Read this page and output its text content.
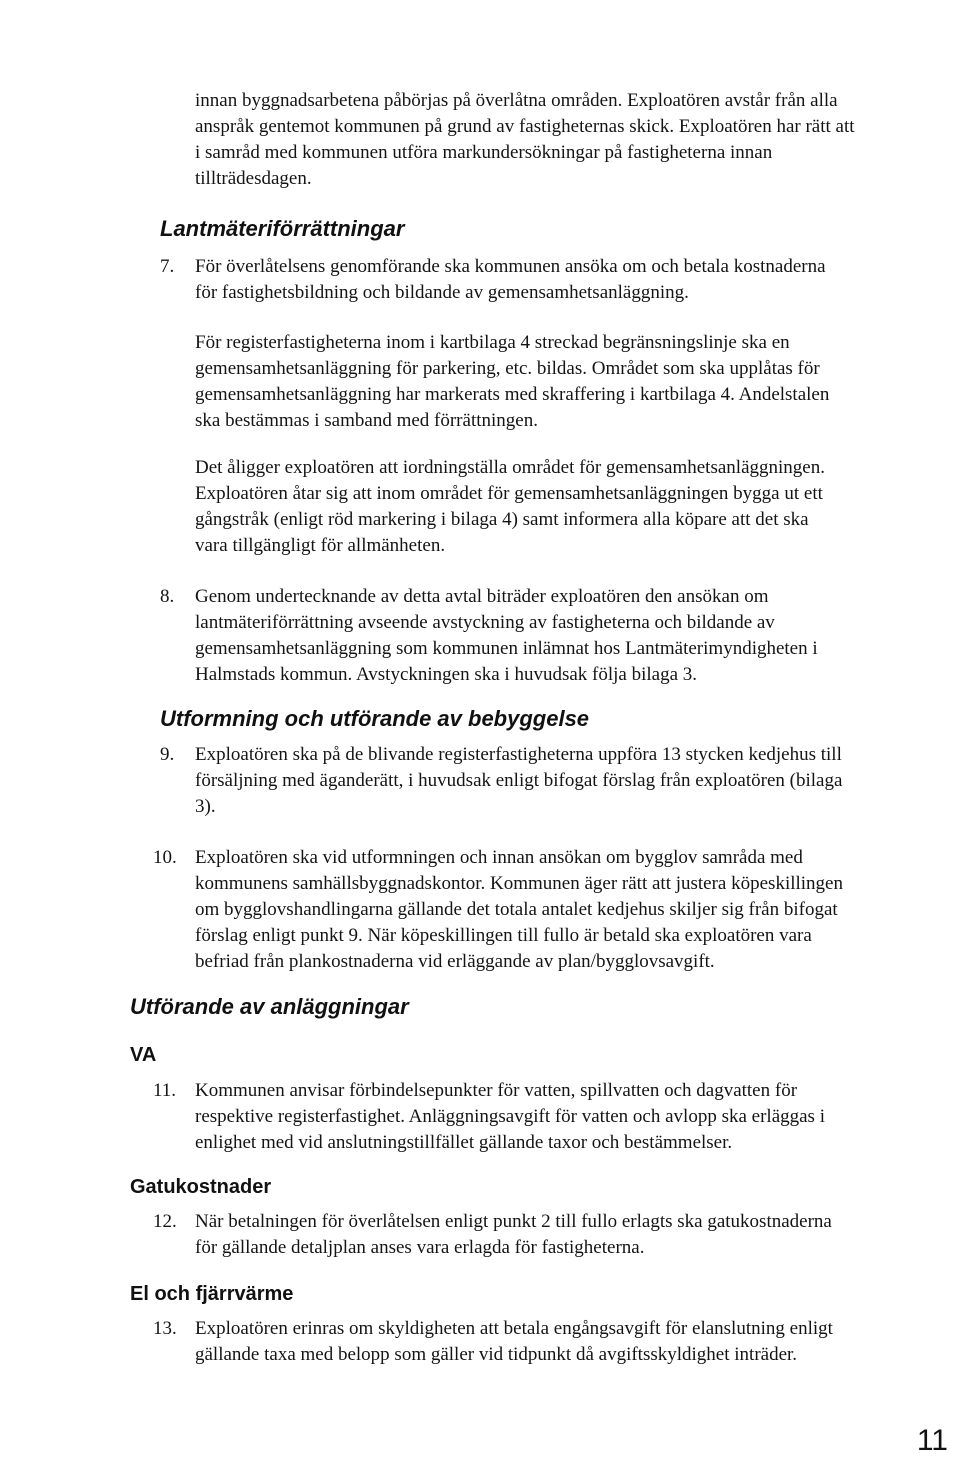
innan byggnadsarbetena påbörjas på överlåtna områden. Exploatören avstår från alla
anspråk gentemot kommunen på grund av fastigheternas skick. Exploatören har rätt att
i samråd med kommunen utföra markundersökningar på fastigheterna innan
tillträdesdagen.

Lantmäteriförrättningar
7. För överlåtelsens genomförande ska kommunen ansöka om och betala kostnaderna
för fastighetsbildning och bildande av gemensamhetsanläggning.

För registerfastigheterna inom i kartbilaga 4 streckad begränsningslinje ska en
gemensamhetsanläggning för parkering, etc. bildas. Området som ska upplåtas för
gemensamhetsanläggning har markerats med skraffering i kartbilaga 4. Andelstalen
ska bestämmas i samband med förrättningen.

Det åligger exploatören att iordningställa området för gemensamhetsanläggningen.
Exploatören åtar sig att inom området för gemensamhetsanläggningen bygga ut ett
gångstråk (enligt röd markering i bilaga 4) samt informera alla köpare att det ska
vara tillgängligt för allmänheten.

8. Genom undertecknande av detta avtal biträder exploatören den ansökan om
lantmäteriförrättning avseende avstyckning av fastigheterna och bildande av
gemensamhetsanläggning som kommunen inlämnat hos Lantmäterimyndigheten i
Halmstads kommun. Avstyckningen ska i huvudsak följa bilaga 3.

Utformning och utförande av bebyggelse
9. Exploatören ska på de blivande registerfastigheterna uppföra 13 stycken kedjehus till
försäljning med äganderätt, i huvudsak enligt bifogat förslag från exploatören (bilaga
3).

10. Exploatören ska vid utformningen och innan ansökan om bygglov samråda med
kommunens samhällsbyggnadskontor. Kommunen äger rätt att justera köpeskillingen
om bygglovshandlingarna gällande det totala antalet kedjehus skiljer sig från bifogat
förslag enligt punkt 9. När köpeskillingen till fullo är betald ska exploatören vara
befriad från plankostnaderna vid erläggande av plan/bygglovsavgift.

Utförande av anläggningar
VA
11. Kommunen anvisar förbindelsepunkter för vatten, spillvatten och dagvatten för
respektive registerfastighet. Anläggningsavgift för vatten och avlopp ska erläggas i
enlighet med vid anslutningstillfället gällande taxor och bestämmelser.

Gatukostnader
12. När betalningen för överlåtelsen enligt punkt 2 till fullo erlagts ska gatukostnaderna
för gällande detaljplan anses vara erlagda för fastigheterna.

El och fjärrvärme
13. Exploatören erinras om skyldigheten att betala engångsavgift för elanslutning enligt
gällande taxa med belopp som gäller vid tidpunkt då avgiftsskyldighet inträder.

11
